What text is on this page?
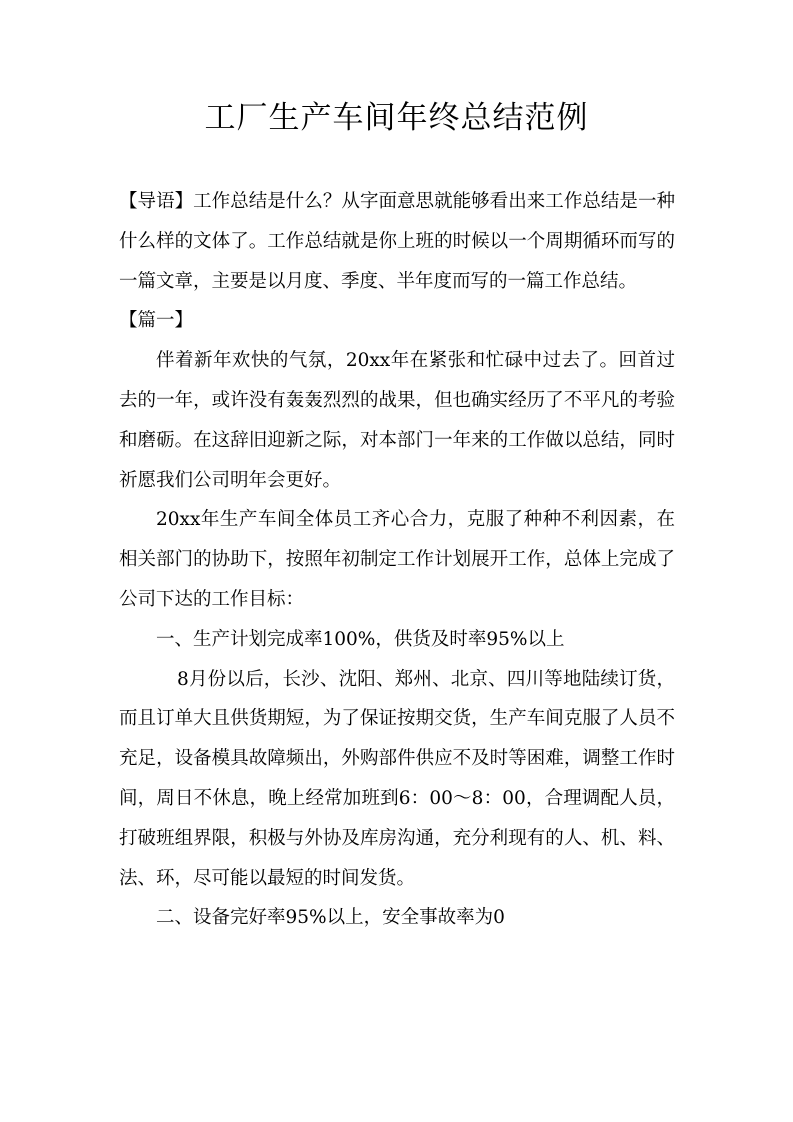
工厂生产车间年终总结范例

【导语】工作总结是什么？从字面意思就能够看出来工作总结是一种什么样的文体了。工作总结就是你上班的时候以一个周期循环而写的一篇文章，主要是以月度、季度、半年度而写的一篇工作总结。

【篇一】

伴着新年欢快的气氛，20xx年在紧张和忙碌中过去了。回首过去的一年，或许没有轰轰烈烈的战果，但也确实经历了不平凡的考验和磨砺。在这辞旧迎新之际，对本部门一年来的工作做以总结，同时祈愿我们公司明年会更好。

20xx年生产车间全体员工齐心合力，克服了种种不利因素，在相关部门的协助下，按照年初制定工作计划展开工作，总体上完成了公司下达的工作目标：

一、生产计划完成率100%，供货及时率95%以上

8月份以后，长沙、沈阳、郑州、北京、四川等地陆续订货，而且订单大且供货期短，为了保证按期交货，生产车间克服了人员不充足，设备模具故障频出，外购部件供应不及时等困难，调整工作时间，周日不休息，晚上经常加班到6：00～8：00，合理调配人员，打破班组界限，积极与外协及库房沟通，充分利现有的人、机、料、法、环，尽可能以最短的时间发货。

二、设备完好率95%以上，安全事故率为0
